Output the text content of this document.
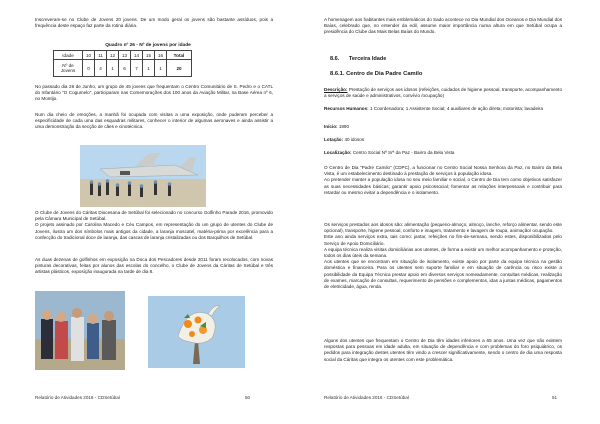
Inscreveram-se no Clube de Jovens 20 jovens. De um modo geral os jovens são bastante assíduos, pois a frequência deste espaço faz parte da rotina diária.

Quadro nº 26 - Nº de jovens por idade
Idade	10	11	12	13	14	15	16	Total
Nº de Jovens	0	4	1	6	7	1	1	20

No passado dia 26 de Junho, um grupo de 45 jovens que frequentam o Centro Comunitário de S. Pedro e o CATL do Infantário "O Cogumelo", participaram nas Comemorações dos 100 anos da Aviação Militar, na Base Aérea nº 6, no Montijo.

Num dia cheio de emoções, a manhã foi ocupada com visitas a uma exposição, onde puderam perceber a especificidade de cada uma das esquadras militares, conhecer o interior de algumas aeronaves e ainda assistir a uma demonstração da secção de cães e cinotécnica.

O Clube de Jovens do Cáritas Diocesana de Setúbal foi selecionado no concurso Golfinho Parade 2016, promovido pela Câmara Municipal de Setúbal.
O projeto assinado por Carolina Macedo e Céu Campos, em representação do um grupo de utentes do Clube de Jovens, ilustra um dos símbolos mais antigos da cidade, a laranja moscatel, matéria-prima por excelência para a confecção do tradicional doce de laranja, das cascas de laranja cristalizadas ou dos Barquilhos de Setúbal.

As duas dezenas de golfinhos em exposição na Doca dos Pescadores desde 2011 foram recolocados, com novas pinturas decorativas, feitas por alunos das escolas do concelho, o Clube de Jovens da Cáritas de Setúbal e três artistas plásticos, exposição inaugurada na tarde de dia 8.

Relatório de Atividades 2016 - CDSetúbal	50

A homenagem aos habitantes mais emblemáticos do Sado acontece no Dia Mundial dos Oceanos e Dia Mundial dos Baías, celebrado que, no entender da edil, assume maior importância numa altura em que Setúbal ocupa a presidência do Clube das Mais Belas Baías do Mundo.

8.6. Terceira Idade
8.6.1. Centro de Dia Padre Camilo

Descrição: Prestação de serviços aos idosos (refeições, cuidados de higiene pessoal, transporte, acompanhamento a serviços de saúde e administrativos, convívio /ocupação)

Recursos Humanos: 1 Coordenadora; 1 Assistente Social; 4 auxiliares de ação direta; motorista; lavadeira

Início: 1990

Lotação: 40 idosos

Localização: Centro Social Nª Srª da Paz - Bairro da Bela Vista

O Centro de Dia "Padre Camilo" (CDPC), a funcionar no Centro Social Nossa Senhora da Paz, no Bairro da Bela Vista, é um estabelecimento destinado à prestação de serviços à população idosa.
Ao pretender manter a população idosa no seu meio familiar e social, o Centro de Dia tem como objetivos satisfazer as suas necessidades básicas; garantir apoio psicossocial; fomentar as relações interpessoais e contribuir para retardar ou mesmo evitar a dependência e o isolamento.

Os serviços prestados aos idosos são: alimentação (pequeno-almoço, almoço, lanche, reforço alimentar, sendo este opcional), transporte, higiene pessoal, conforto e imagem, tratamento e lavagem de roupa, animação/ ocupação.
Este ano ainda serviços extra, tais como: jantar, refeições no fim-de-semana, sendo estes, disponibilizados pelo Serviço de Apoio Domiciliário.
A equipa técnica realiza visitas domiciliárias aos utentes, de forma a existir um melhor acompanhamento e proteção, todos os dias úteis da semana.
Aos utentes que se encontram em situação de isolamento, existe apoio por parte da equipa técnica na gestão doméstica e financeira. Para os utentes sem suporte familiar e em situação de carência ou risco existe a possibilidade da Equipa Técnica prestar apoio em diversos serviços nomeadamente, consultas médicas, realização de exames, marcação de consultas, requerimento de pensões e complementos, idas a juntas médicas, pagamentos de eletricidade, água, renda.

Alguns dos utentes que frequentam o Centro de Dia têm idades inferiores a 65 anos. Uma vez que não existem respostas para pessoas em idade adulta, em situação de dependência e com problemas do foro psiquiátrico, os pedidos para integração destes utentes têm vindo a crescer significativamente, sendo o centro de dia uma resposta social da Cáritas que integra os utentes com este problemática.

Relatório de Atividades 2016 - CDSetúbal	51
